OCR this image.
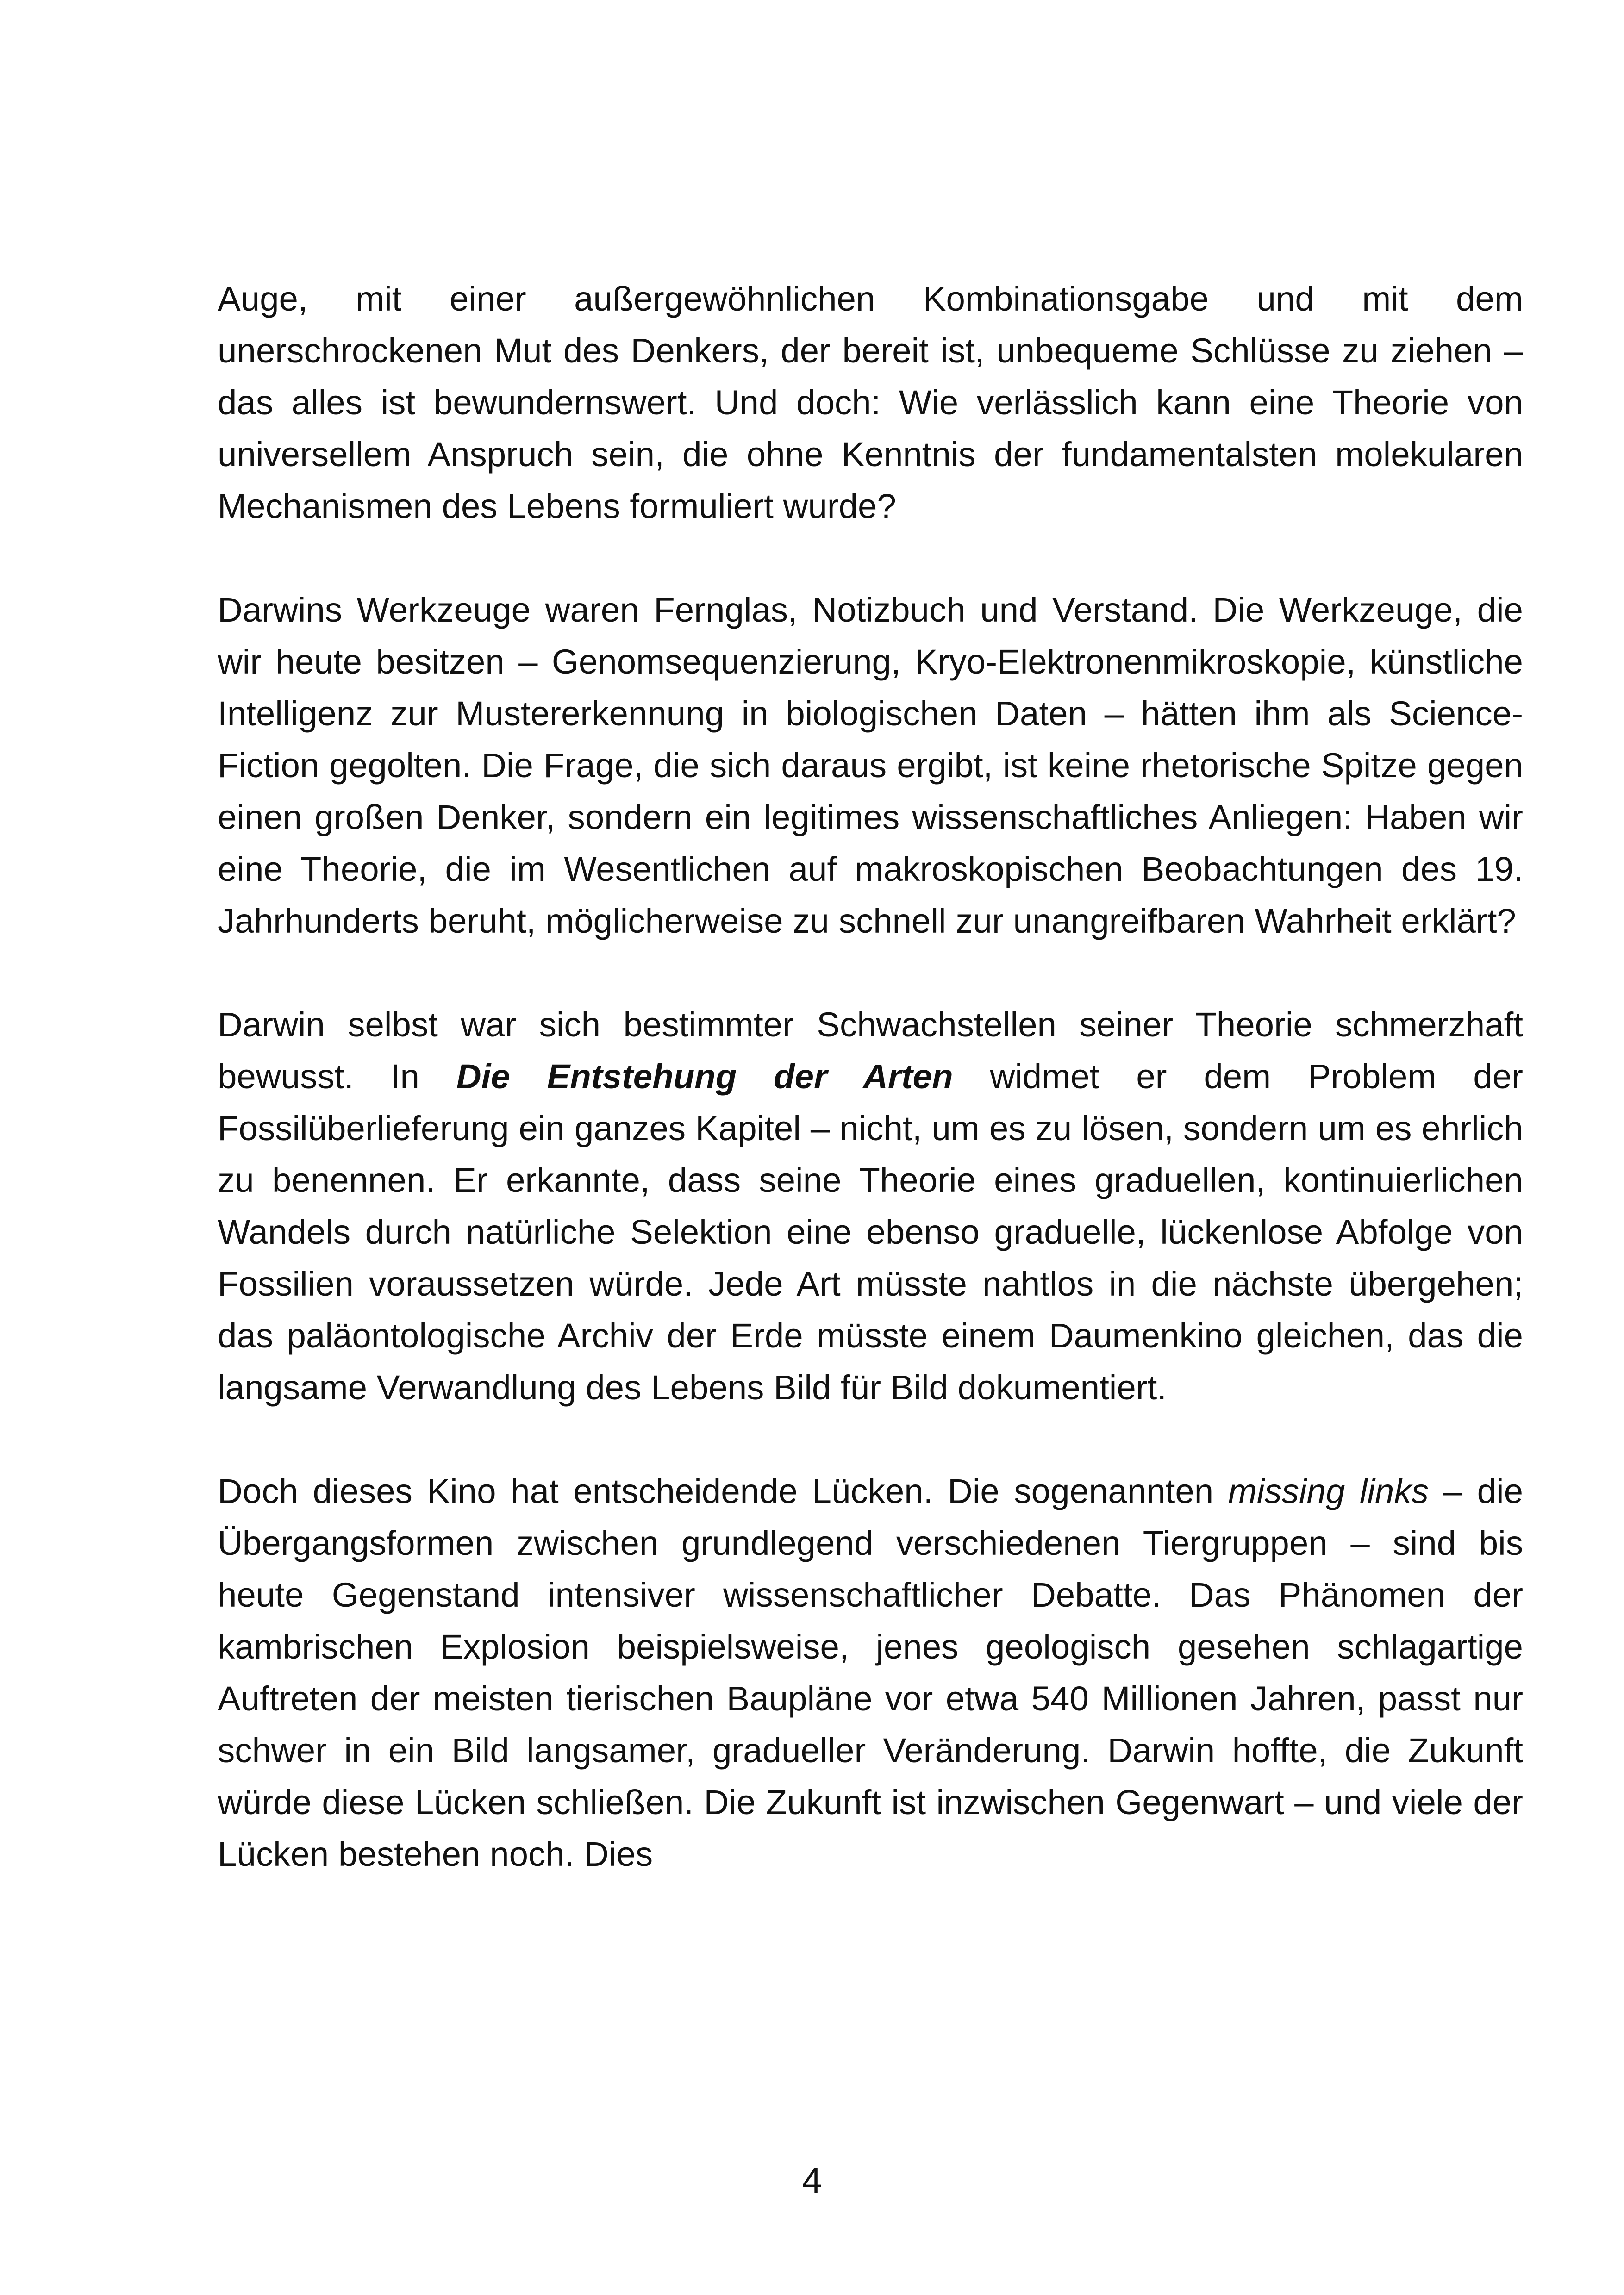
Auge, mit einer außergewöhnlichen Kombinationsgabe und mit dem unerschrockenen Mut des Denkers, der bereit ist, unbequeme Schlüsse zu ziehen – das alles ist bewundernswert. Und doch: Wie verlässlich kann eine Theorie von universellem Anspruch sein, die ohne Kenntnis der fundamentalsten molekularen Mechanismen des Lebens formuliert wurde?

Darwins Werkzeuge waren Fernglas, Notizbuch und Verstand. Die Werkzeuge, die wir heute besitzen – Genomsequenzierung, Kryo-Elektronenmikroskopie, künstliche Intelligenz zur Mustererkennung in biologischen Daten – hätten ihm als Science-Fiction gegolten. Die Frage, die sich daraus ergibt, ist keine rhetorische Spitze gegen einen großen Denker, sondern ein legitimes wissenschaftliches Anliegen: Haben wir eine Theorie, die im Wesentlichen auf makroskopischen Beobachtungen des 19. Jahrhunderts beruht, möglicherweise zu schnell zur unangreifbaren Wahrheit erklärt?

Darwin selbst war sich bestimmter Schwachstellen seiner Theorie schmerzhaft bewusst. In Die Entstehung der Arten widmet er dem Problem der Fossilüberlieferung ein ganzes Kapitel – nicht, um es zu lösen, sondern um es ehrlich zu benennen. Er erkannte, dass seine Theorie eines graduellen, kontinuierlichen Wandels durch natürliche Selektion eine ebenso graduelle, lückenlose Abfolge von Fossilien voraussetzen würde. Jede Art müsste nahtlos in die nächste übergehen; das paläontologische Archiv der Erde müsste einem Daumenkino gleichen, das die langsame Verwandlung des Lebens Bild für Bild dokumentiert.

Doch dieses Kino hat entscheidende Lücken. Die sogenannten missing links – die Übergangsformen zwischen grundlegend verschiedenen Tiergruppen – sind bis heute Gegenstand intensiver wissenschaftlicher Debatte. Das Phänomen der kambrischen Explosion beispielsweise, jenes geologisch gesehen schlagartige Auftreten der meisten tierischen Baupläne vor etwa 540 Millionen Jahren, passt nur schwer in ein Bild langsamer, gradueller Veränderung. Darwin hoffte, die Zukunft würde diese Lücken schließen. Die Zukunft ist inzwischen Gegenwart – und viele der Lücken bestehen noch. Dies

4
